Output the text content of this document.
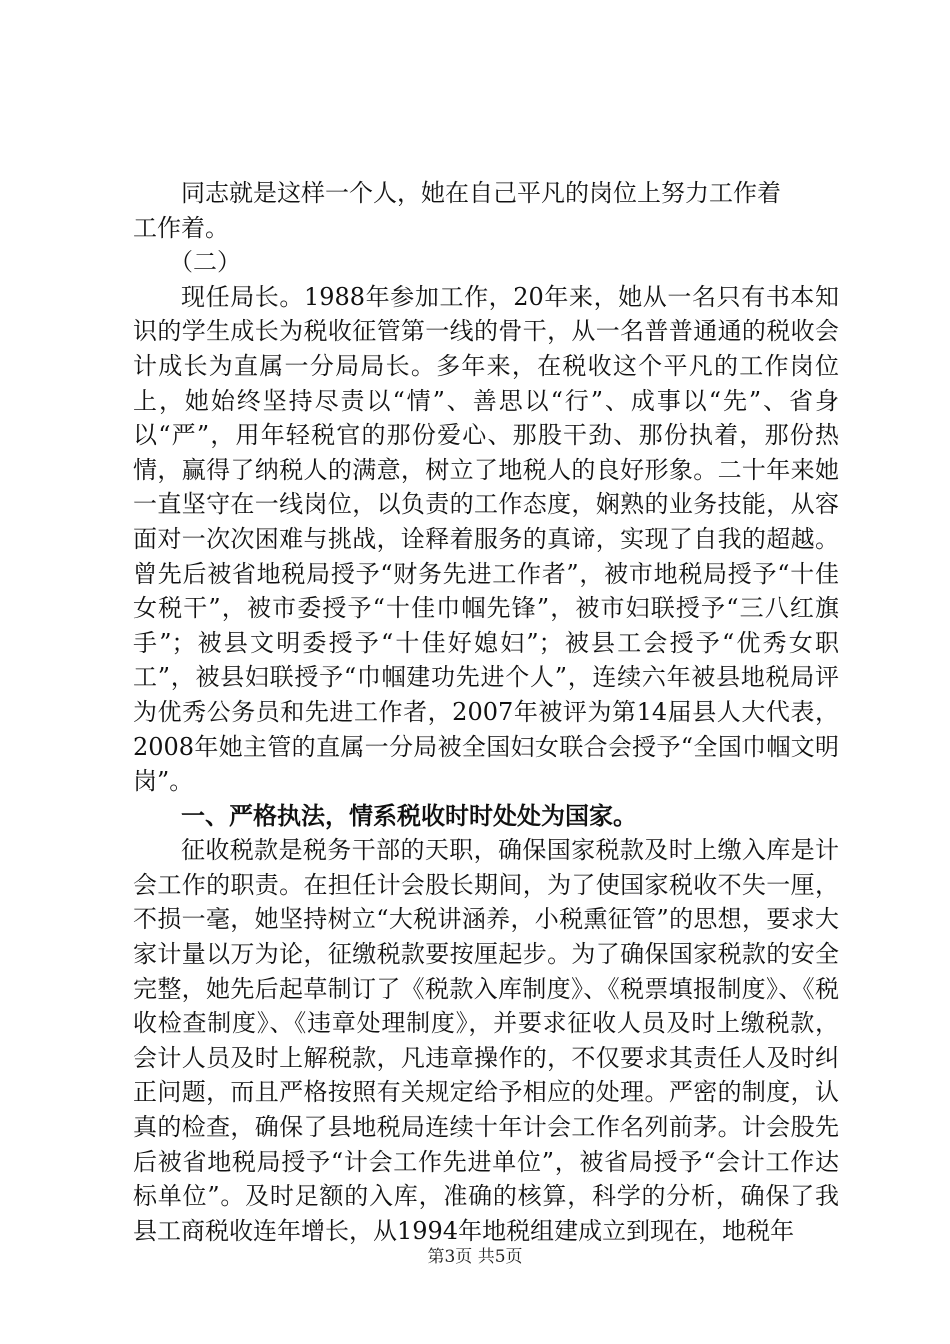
同志就是这样一个人，她在自己平凡的岗位上努力工作着

工作着。

（二）

现任局长。1988年参加工作，20年来，她从一名只有书本知识的学生成长为税收征管第一线的骨干，从一名普普通通的税收会计成长为直属一分局局长。多年来，在税收这个平凡的工作岗位上，她始终坚持尽责以“情”、善思以“行”、成事以“先”、省身以“严”，用年轻税官的那份爱心、那股干劲、那份执着，那份热情，赢得了纳税人的满意，树立了地税人的良好形象。二十年来她一直坚守在一线岗位，以负责的工作态度，娴熟的业务技能，从容面对一次次困难与挑战，诠释着服务的真谛，实现了自我的超越。曾先后被省地税局授予“财务先进工作者”，被市地税局授予“十佳女税干”，被市委授予“十佳巾帼先锋”，被市妇联授予“三八红旗手”；被县文明委授予“十佳好媳妇”；被县工会授予“优秀女职工”，被县妇联授予“巾帼建功先进个人”，连续六年被县地税局评为优秀公务员和先进工作者，2007年被评为第14届县人大代表，2008年她主管的直属一分局被全国妇女联合会授予“全国巾帼文明岗”。

一、严格执法，情系税收时时处处为国家。

征收税款是税务干部的天职，确保国家税款及时上缴入库是计会工作的职责。在担任计会股长期间，为了使国家税收不失一厘，不损一毫，她坚持树立“大税讲涵养，小税熏征管”的思想，要求大家计量以万为论，征缴税款要按厘起步。为了确保国家税款的安全完整，她先后起草制订了《税款入库制度》、《税票填报制度》、《税收检查制度》、《违章处理制度》，并要求征收人员及时上缴税款，会计人员及时上解税款，凡违章操作的，不仅要求其责任人及时纠正问题，而且严格按照有关规定给予相应的处理。严密的制度，认真的检查，确保了县地税局连续十年计会工作名列前茅。计会股先后被省地税局授予“计会工作先进单位”，被省局授予“会计工作达标单位”。及时足额的入库，准确的核算，科学的分析，确保了我县工商税收连年增长，从1994年地税组建成立到现在，地税年

第3页 共5页
